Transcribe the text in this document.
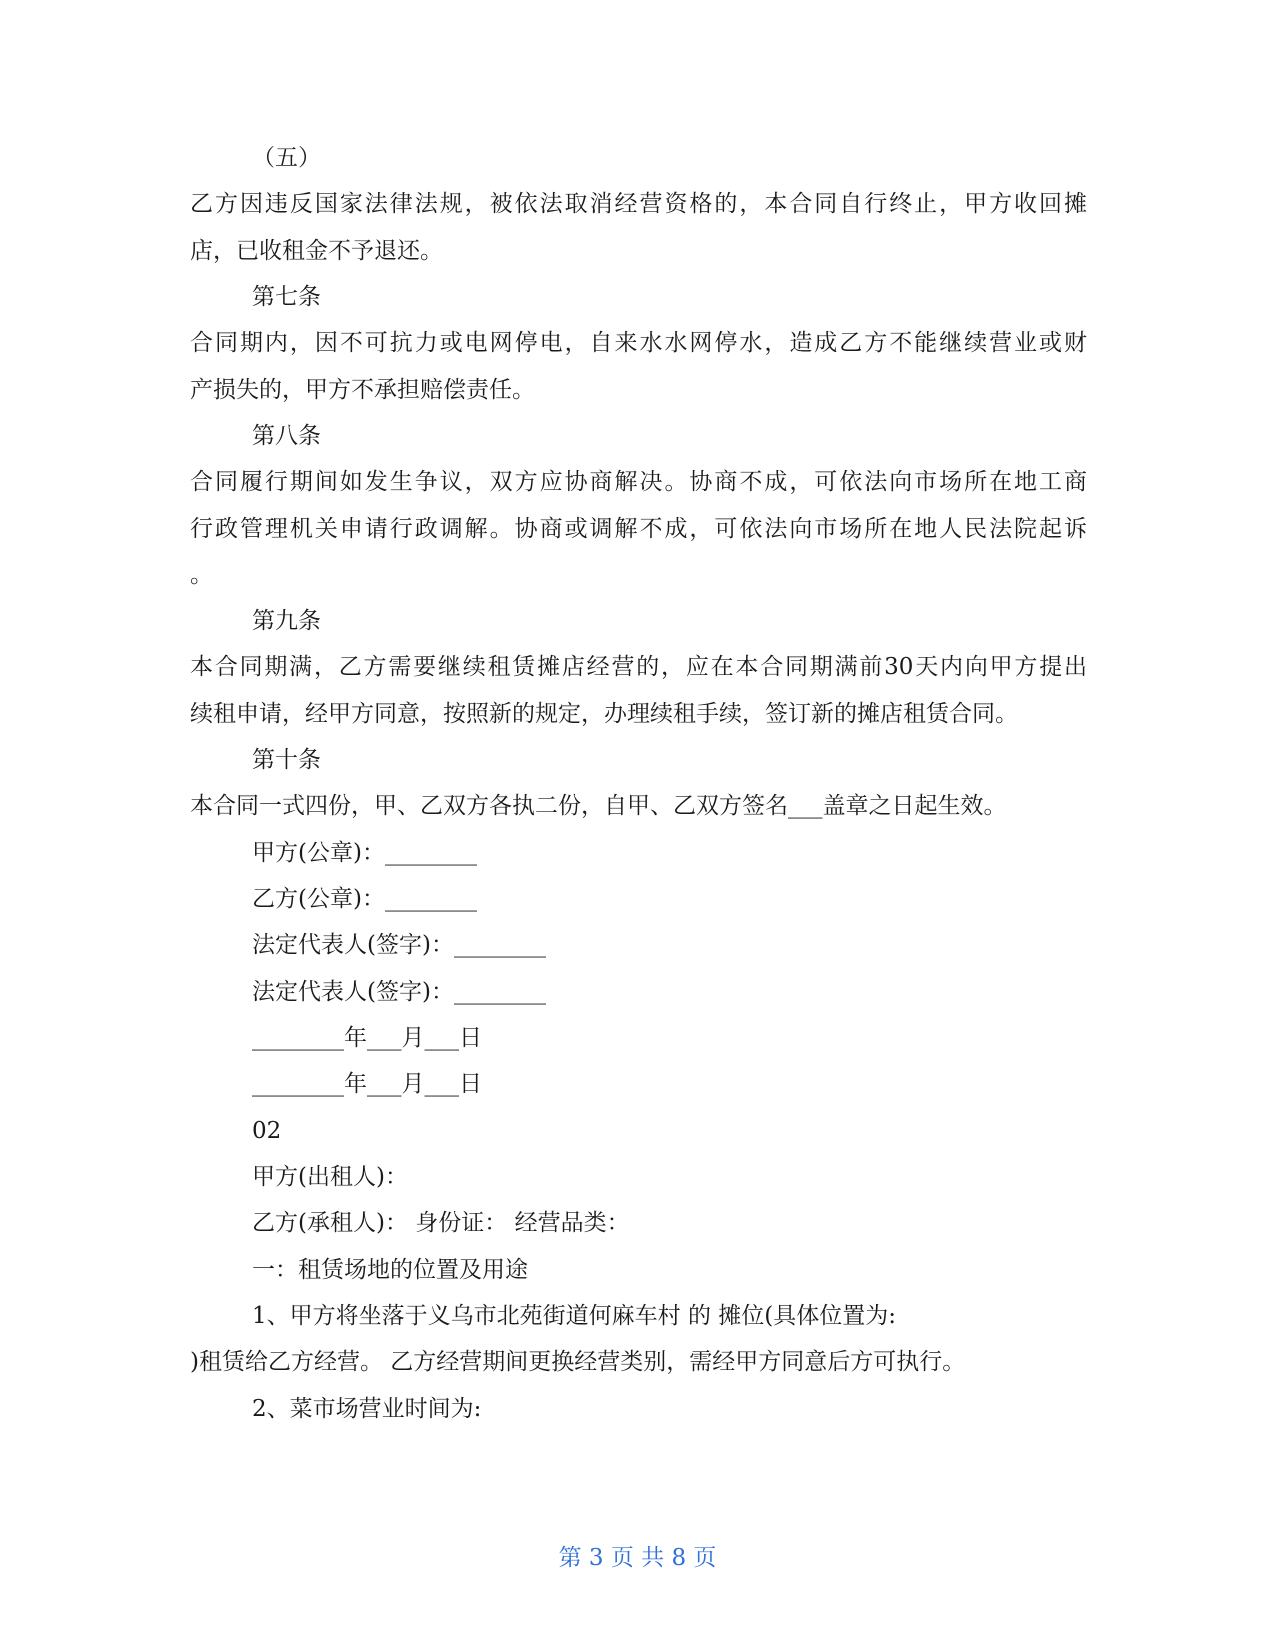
（五）

乙方因违反国家法律法规，被依法取消经营资格的，本合同自行终止，甲方收回摊

店，已收租金不予退还。

第七条

合同期内，因不可抗力或电网停电，自来水水网停水，造成乙方不能继续营业或财

产损失的，甲方不承担赔偿责任。

第八条

合同履行期间如发生争议，双方应协商解决。协商不成，可依法向市场所在地工商

行政管理机关申请行政调解。协商或调解不成，可依法向市场所在地人民法院起诉

。

第九条

本合同期满，乙方需要继续租赁摊店经营的，应在本合同期满前30天内向甲方提出

续租申请，经甲方同意，按照新的规定，办理续租手续，签订新的摊店租赁合同。

第十条

本合同一式四份，甲、乙双方各执二份，自甲、乙双方签名___盖章之日起生效。

甲方(公章)：________

乙方(公章)：________

法定代表人(签字)：________

法定代表人(签字)：________

________年___月___日

________年___月___日

02

甲方(出租人)：

乙方(承租人)： 身份证： 经营品类：

一：租赁场地的位置及用途

1、甲方将坐落于义乌市北苑街道何麻车村 的 摊位(具体位置为:

)租赁给乙方经营。 乙方经营期间更换经营类别，需经甲方同意后方可执行。

2、菜市场营业时间为:

第 3 页 共 8 页
